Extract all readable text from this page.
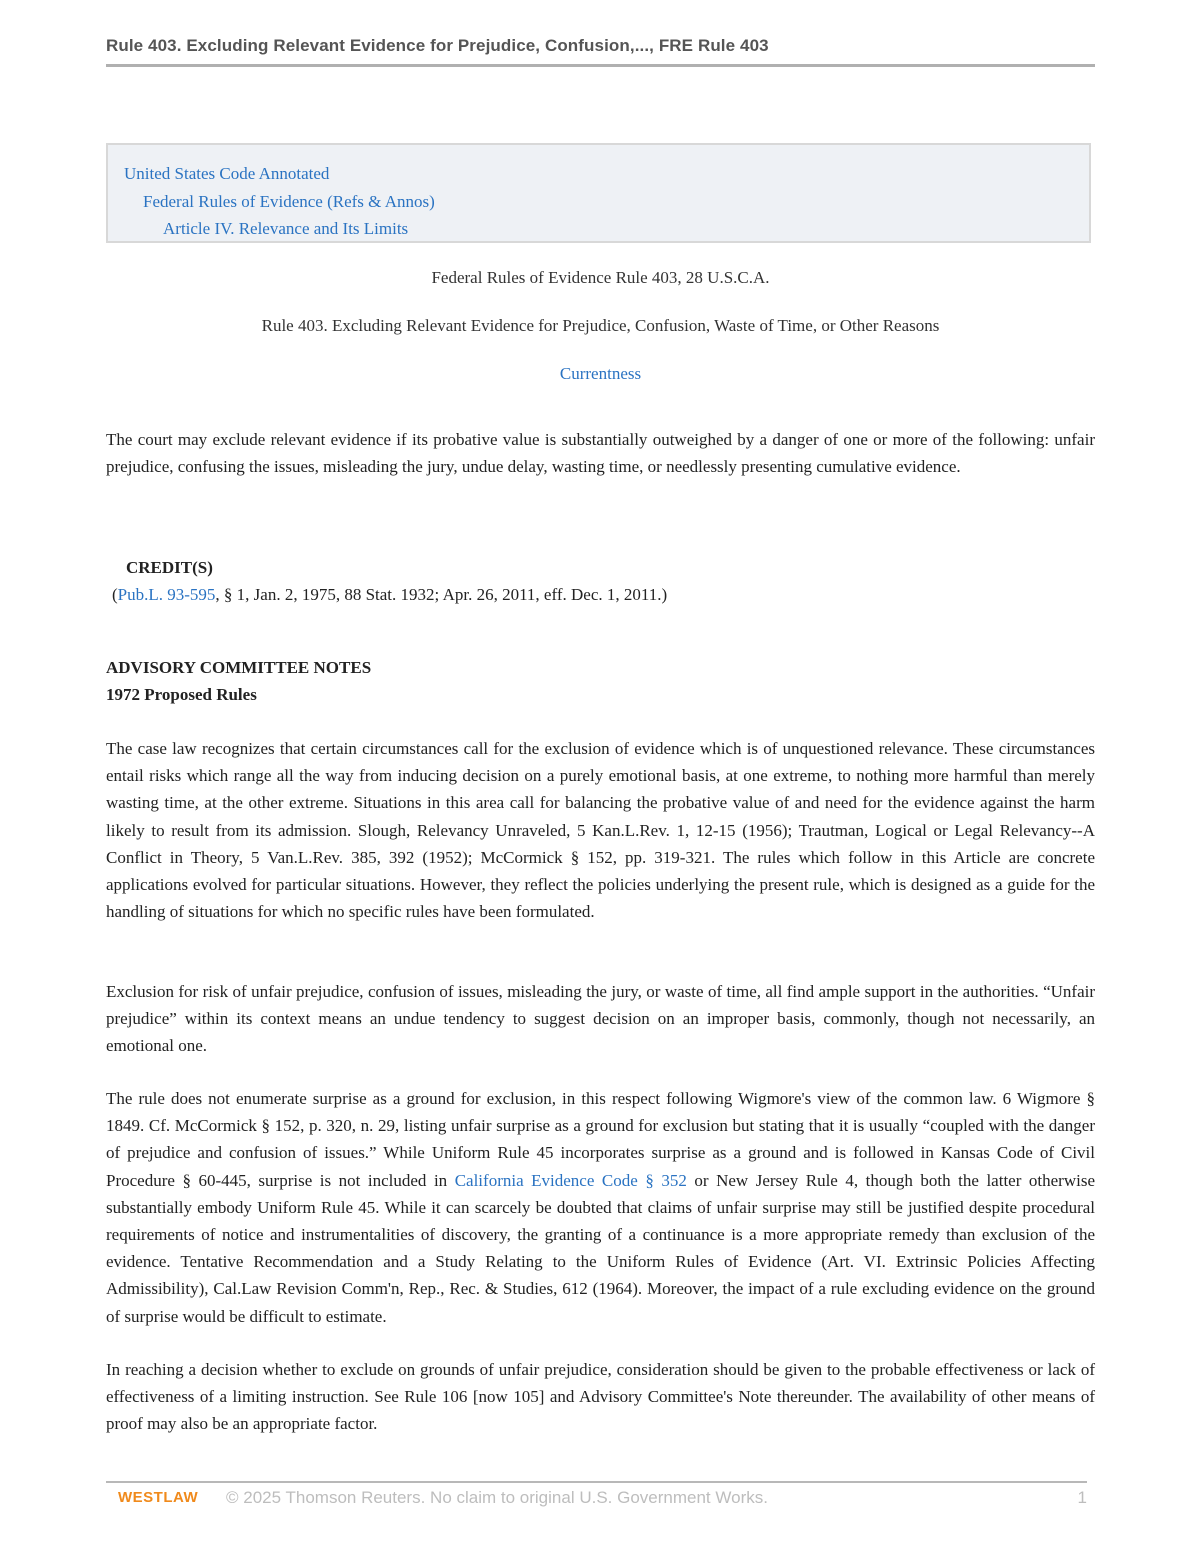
Rule 403. Excluding Relevant Evidence for Prejudice, Confusion,..., FRE Rule 403
United States Code Annotated
Federal Rules of Evidence (Refs & Annos)
Article IV. Relevance and Its Limits
Federal Rules of Evidence Rule 403, 28 U.S.C.A.
Rule 403. Excluding Relevant Evidence for Prejudice, Confusion, Waste of Time, or Other Reasons
Currentness

The court may exclude relevant evidence if its probative value is substantially outweighed by a danger of one or more of the following: unfair prejudice, confusing the issues, misleading the jury, undue delay, wasting time, or needlessly presenting cumulative evidence.

CREDIT(S)
(Pub.L. 93-595, § 1, Jan. 2, 1975, 88 Stat. 1932; Apr. 26, 2011, eff. Dec. 1, 2011.)
ADVISORY COMMITTEE NOTES
1972 Proposed Rules

The case law recognizes that certain circumstances call for the exclusion of evidence which is of unquestioned relevance. These circumstances entail risks which range all the way from inducing decision on a purely emotional basis, at one extreme, to nothing more harmful than merely wasting time, at the other extreme. Situations in this area call for balancing the probative value of and need for the evidence against the harm likely to result from its admission. Slough, Relevancy Unraveled, 5 Kan.L.Rev. 1, 12-15 (1956); Trautman, Logical or Legal Relevancy--A Conflict in Theory, 5 Van.L.Rev. 385, 392 (1952); McCormick § 152, pp. 319-321. The rules which follow in this Article are concrete applications evolved for particular situations. However, they reflect the policies underlying the present rule, which is designed as a guide for the handling of situations for which no specific rules have been formulated.

Exclusion for risk of unfair prejudice, confusion of issues, misleading the jury, or waste of time, all find ample support in the authorities. “Unfair prejudice” within its context means an undue tendency to suggest decision on an improper basis, commonly, though not necessarily, an emotional one.

The rule does not enumerate surprise as a ground for exclusion, in this respect following Wigmore's view of the common law. 6 Wigmore § 1849. Cf. McCormick § 152, p. 320, n. 29, listing unfair surprise as a ground for exclusion but stating that it is usually “coupled with the danger of prejudice and confusion of issues.” While Uniform Rule 45 incorporates surprise as a ground and is followed in Kansas Code of Civil Procedure § 60-445, surprise is not included in California Evidence Code § 352 or New Jersey Rule 4, though both the latter otherwise substantially embody Uniform Rule 45. While it can scarcely be doubted that claims of unfair surprise may still be justified despite procedural requirements of notice and instrumentalities of discovery, the granting of a continuance is a more appropriate remedy than exclusion of the evidence. Tentative Recommendation and a Study Relating to the Uniform Rules of Evidence (Art. VI. Extrinsic Policies Affecting Admissibility), Cal.Law Revision Comm'n, Rep., Rec. & Studies, 612 (1964). Moreover, the impact of a rule excluding evidence on the ground of surprise would be difficult to estimate.

In reaching a decision whether to exclude on grounds of unfair prejudice, consideration should be given to the probable effectiveness or lack of effectiveness of a limiting instruction. See Rule 106 [now 105] and Advisory Committee's Note thereunder. The availability of other means of proof may also be an appropriate factor.

WESTLAW © 2025 Thomson Reuters. No claim to original U.S. Government Works.	1
